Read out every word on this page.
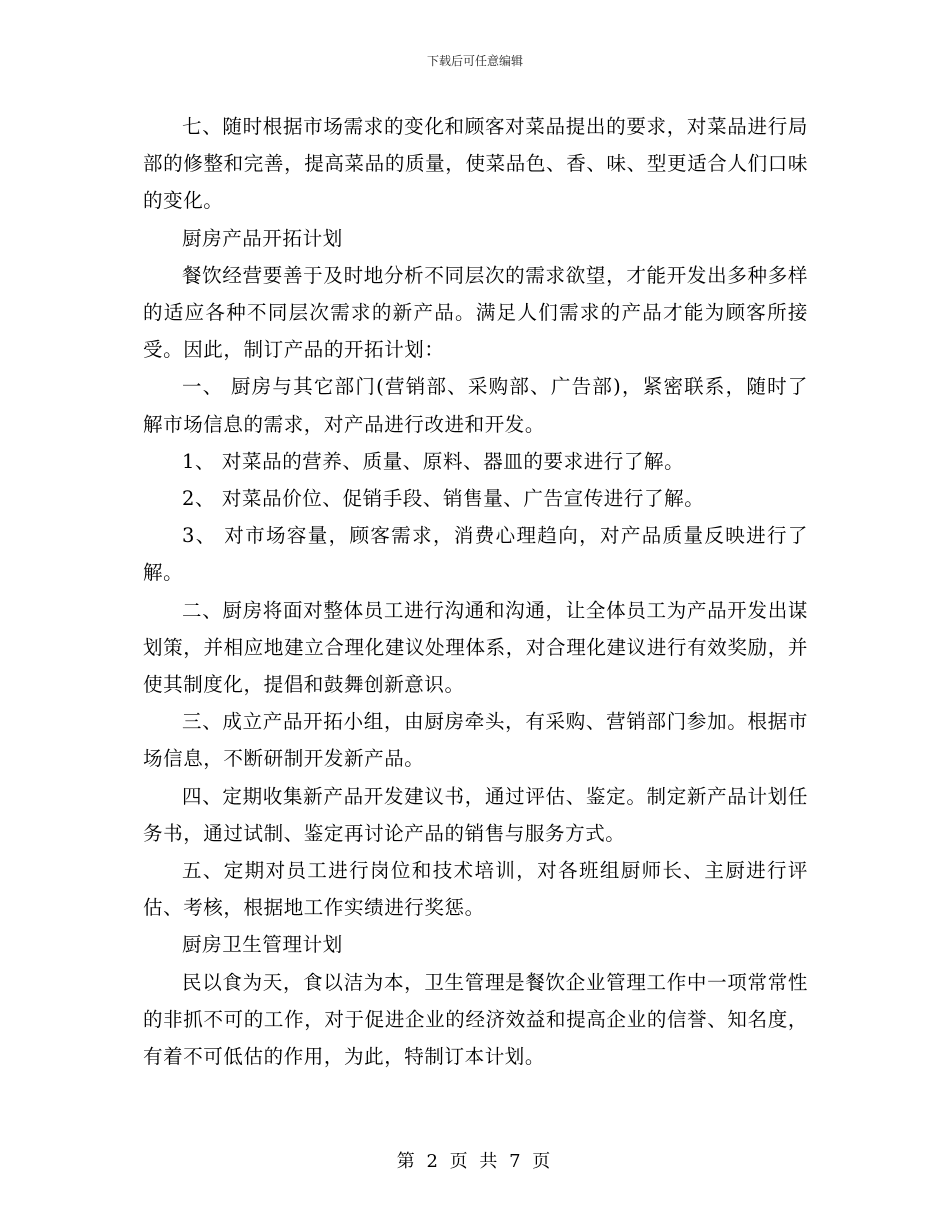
下载后可任意编辑

七、随时根据市场需求的变化和顾客对菜品提出的要求，对菜品进行局部的修整和完善，提高菜品的质量，使菜品色、香、味、型更适合人们口味的变化。

厨房产品开拓计划

餐饮经营要善于及时地分析不同层次的需求欲望，才能开发出多种多样的适应各种不同层次需求的新产品。满足人们需求的产品才能为顾客所接受。因此，制订产品的开拓计划：

一、 厨房与其它部门(营销部、采购部、广告部)，紧密联系，随时了解市场信息的需求，对产品进行改进和开发。

1、 对菜品的营养、质量、原料、器皿的要求进行了解。

2、 对菜品价位、促销手段、销售量、广告宣传进行了解。

3、 对市场容量，顾客需求，消费心理趋向，对产品质量反映进行了解。

二、厨房将面对整体员工进行沟通和沟通，让全体员工为产品开发出谋划策，并相应地建立合理化建议处理体系，对合理化建议进行有效奖励，并使其制度化，提倡和鼓舞创新意识。

三、成立产品开拓小组，由厨房牵头，有采购、营销部门参加。根据市场信息，不断研制开发新产品。

四、定期收集新产品开发建议书，通过评估、鉴定。制定新产品计划任务书，通过试制、鉴定再讨论产品的销售与服务方式。

五、定期对员工进行岗位和技术培训，对各班组厨师长、主厨进行评估、考核，根据地工作实绩进行奖惩。

厨房卫生管理计划

民以食为天，食以洁为本，卫生管理是餐饮企业管理工作中一项常常性的非抓不可的工作，对于促进企业的经济效益和提高企业的信誉、知名度，有着不可低估的作用，为此，特制订本计划。

第 2 页 共 7 页
